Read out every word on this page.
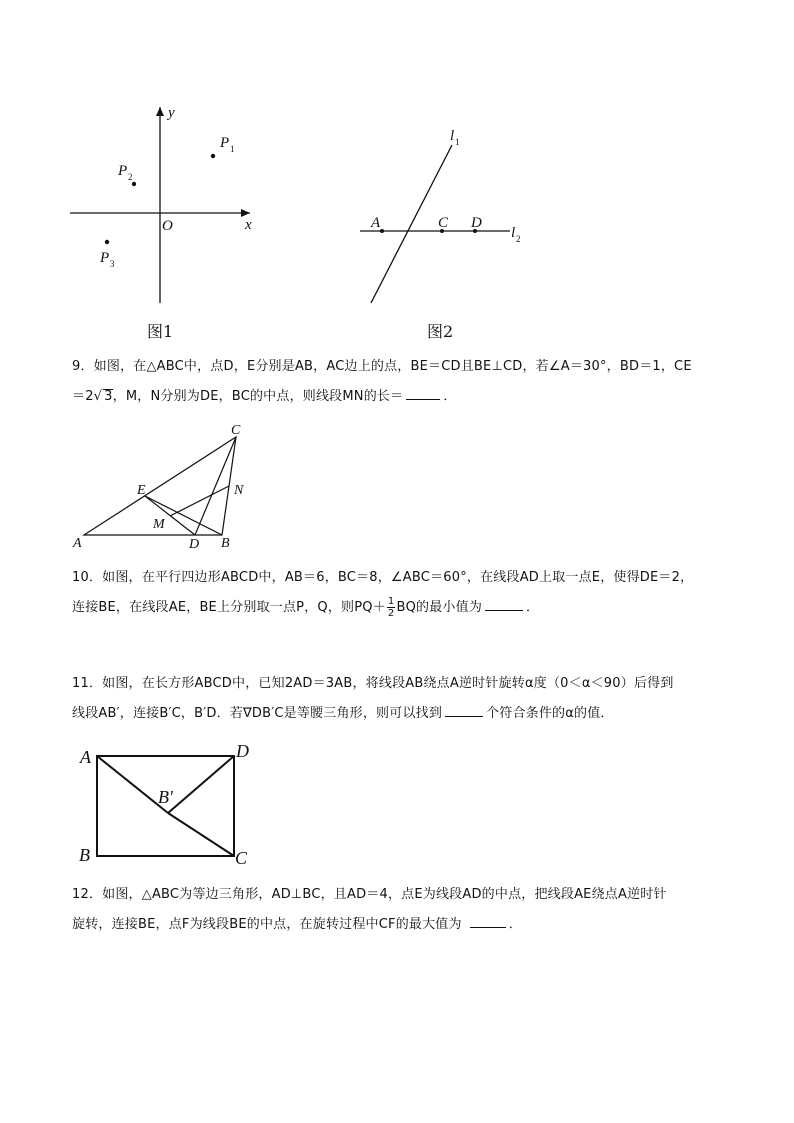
y
x
O
P 1
P 2
P 3
图1
l 1
l 2
A	C D
图2
9．如图，在△ABC中，点D，E分别是AB，AC边上的点，BE＝CD且BE⊥CD，若∠A＝30°，BD＝1，CE
＝2√ 3，M，N分别为DE，BC的中点，则线段MN的长＝	．
C
E	N
M
A	D B
10．如图，在平行四边形ABCD中，AB＝6，BC＝8，∠ABC＝60°，在线段AD上取一点E，使得DE＝2，
连接BE，在线段AE，BE上分别取一点P，Q，则$PQ+ \frac{1}{2}$ BQ的最小值为	．
11．如图，在长方形ABCD中，已知2AD＝3AB，将线段AB绕点A逆时针旋转α度（0＜α＜90）后得到
线段AB′，连接B′C，B′D．若∇DB′C是等腰三角形，则可以找到	个符合条件的α的值．
A	D
B′
B	C
12．如图，△ABC为等边三角形，AD⊥BC，且AD＝4，点E为线段AD的中点，把线段AE绕点A逆时针
旋转，连接BE，点F为线段BE的中点，在旋转过程中CF的最大值为	．
